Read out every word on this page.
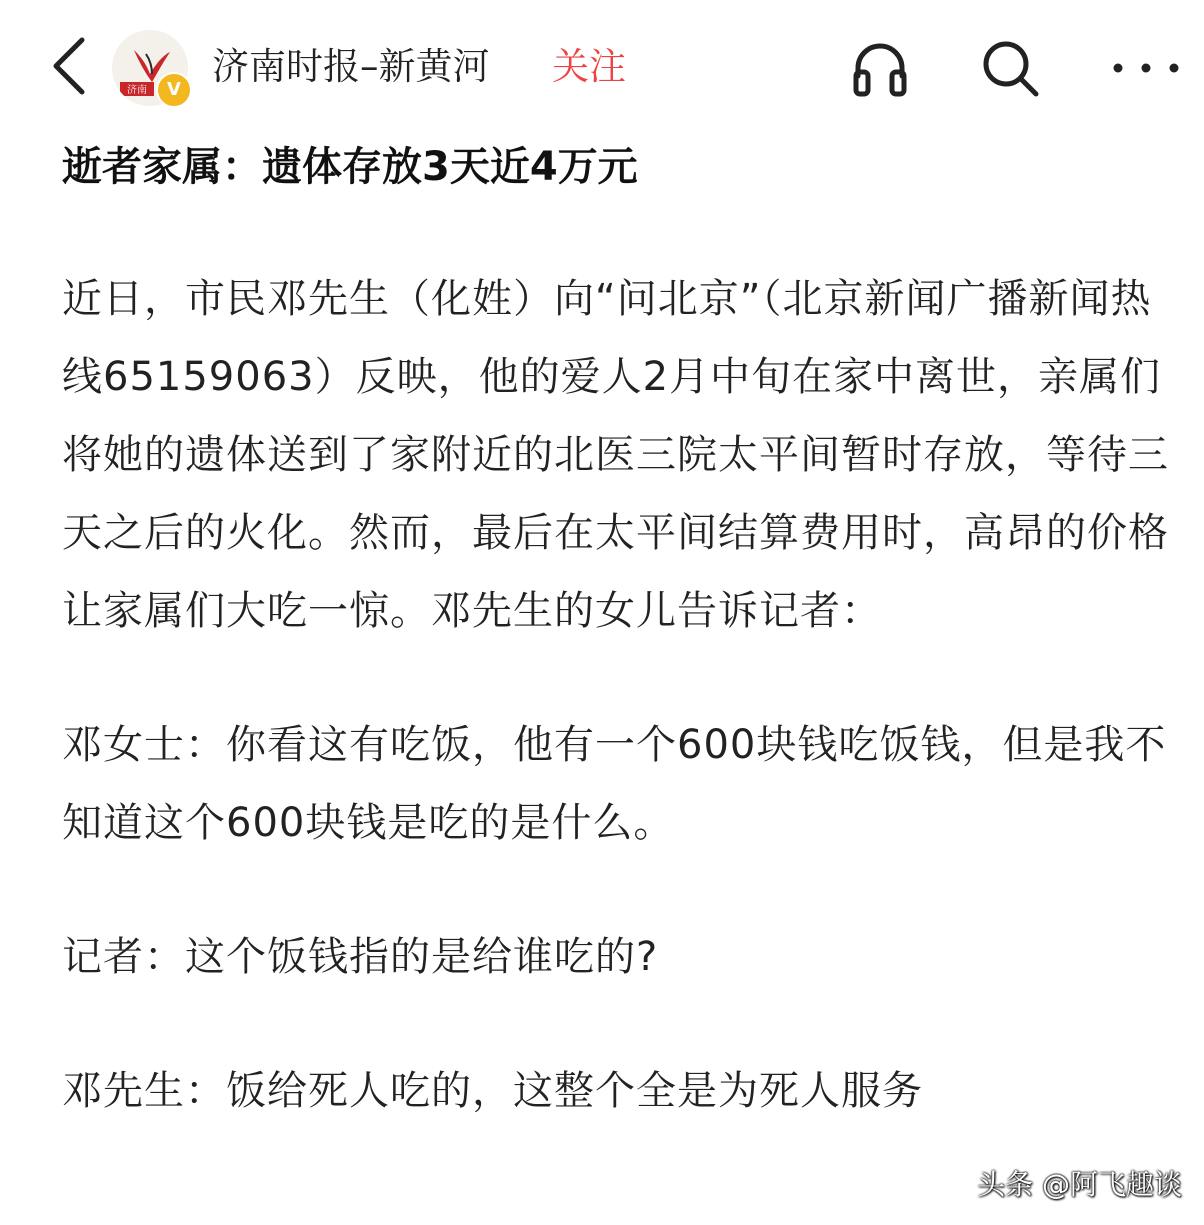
济南	V
济南时报–新黄河 关注
逝者家属：遗体存放3天近4万元

近日，市民邓先生（化姓）向“问北京”（北京新闻广播新闻热线65159063）反映，他的爱人2月中旬在家中离世，亲属们将她的遗体送到了家附近的北医三院太平间暂时存放，等待三天之后的火化。然而，最后在太平间结算费用时，高昂的价格让家属们大吃一惊。邓先生的女儿告诉记者：

邓女士：你看这有吃饭，他有一个600块钱吃饭钱，但是我不知道这个600块钱是吃的是什么。

记者：这个饭钱指的是给谁吃的?

邓先生：饭给死人吃的，这整个全是为死人服务

头条 @阿飞趣谈
